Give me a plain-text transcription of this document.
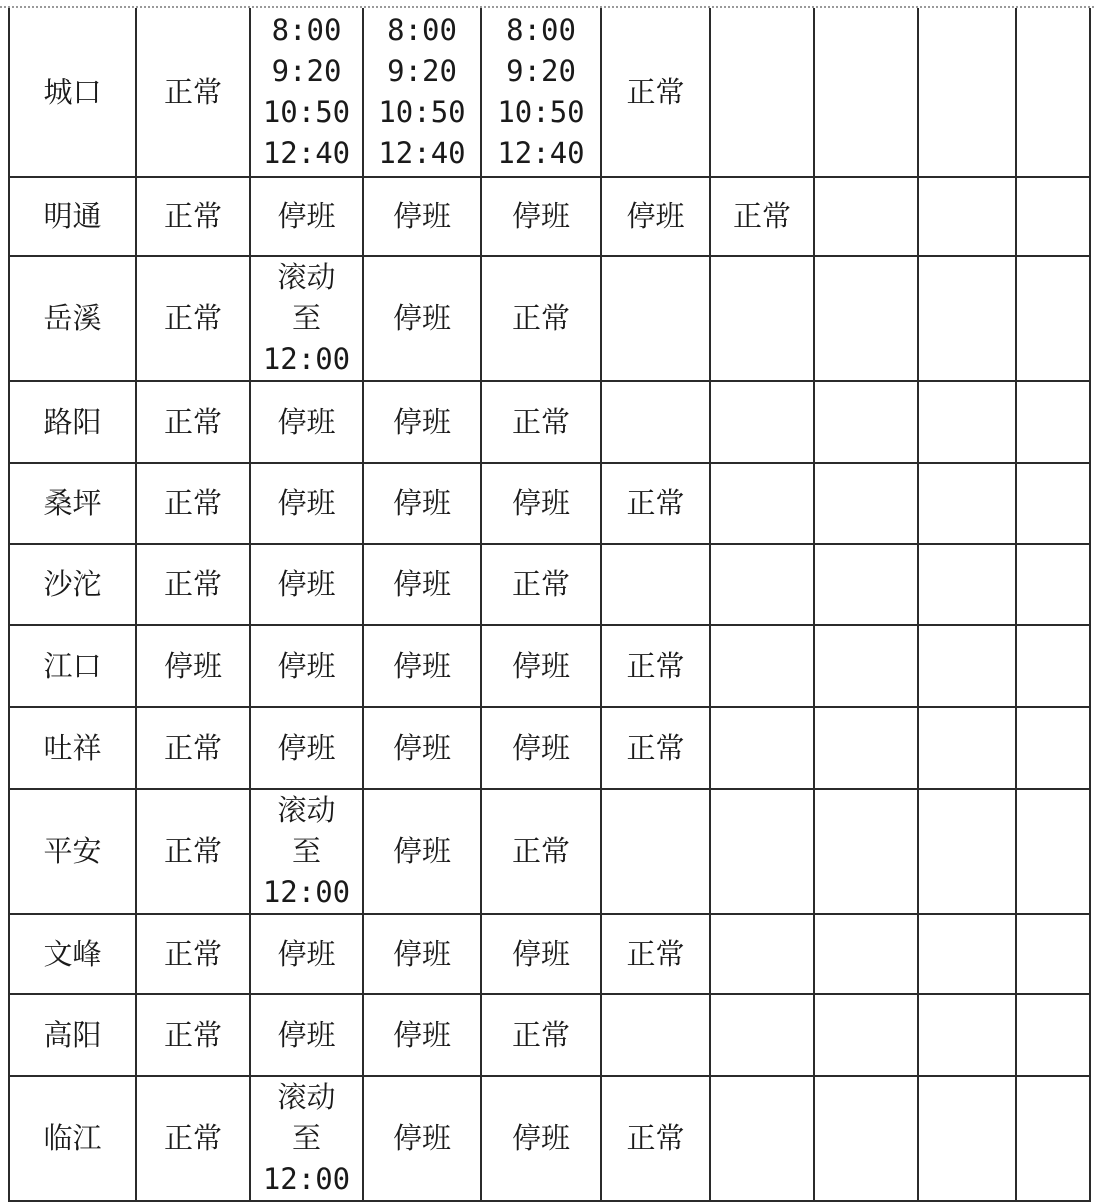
城口	正常	8:00
9:20
10:50
12:40	8:00
9:20
10:50
12:40	8:00
9:20
10:50
12:40	正常				

明通	正常	停班	停班	停班	停班	正常			

岳溪	正常	滚动
至
12:00	停班	正常					

路阳	正常	停班	停班	正常					

桑坪	正常	停班	停班	停班	正常				

沙沱	正常	停班	停班	正常					

江口	停班	停班	停班	停班	正常				

吐祥	正常	停班	停班	停班	正常				

平安	正常	滚动
至
12:00	停班	正常					

文峰	正常	停班	停班	停班	正常				

高阳	正常	停班	停班	正常					

临江	正常	滚动
至
12:00	停班	停班	正常				
